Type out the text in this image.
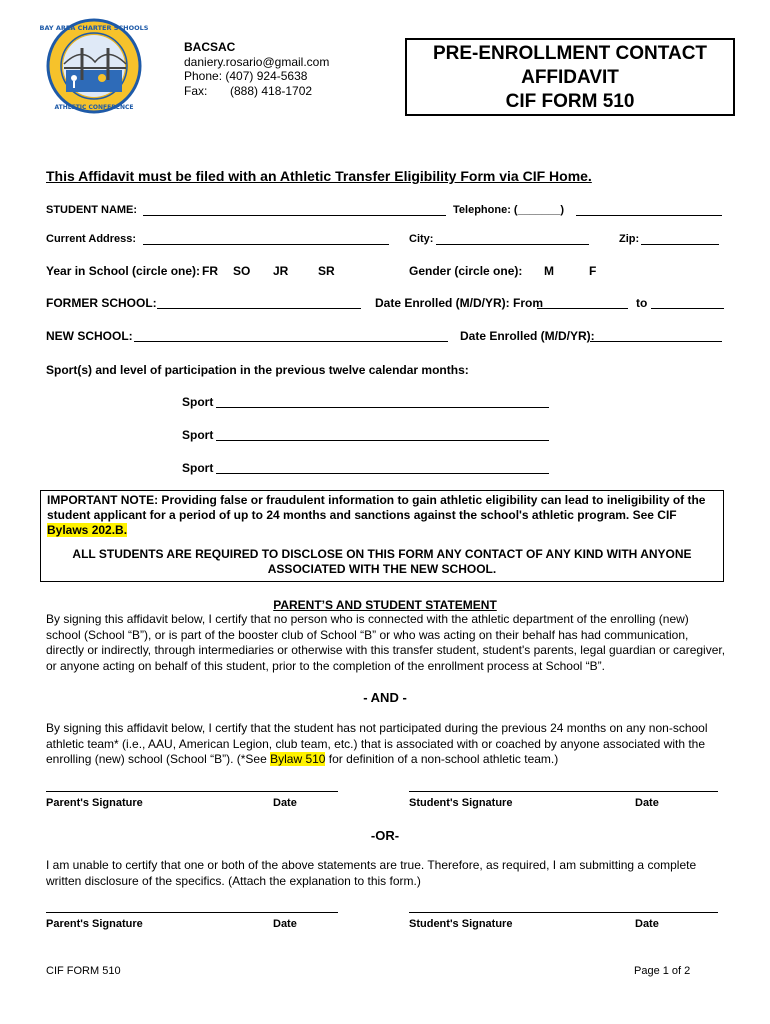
BAY AREA CHARTER SCHOOLS
ATHLETIC CONFERENCE
BACSAC
daniery.rosario@gmail.com
Phone: (407) 924-5638
Fax:	(888) 418-1702
PRE-ENROLLMENT CONTACT
AFFIDAVIT
CIF FORM 510
This Affidavit must be filed with an Athletic Transfer Eligibility Form via CIF Home.
STUDENT NAME:	Telephone: (_______)
Current Address:	City:	Zip:
Year in School (circle one): FR SO JR SR	Gender (circle one): M	F
FORMER SCHOOL:	Date Enrolled (M/D/YR): From	to
NEW SCHOOL:	Date Enrolled (M/D/YR):
Sport(s) and level of participation in the previous twelve calendar months:
Sport
Sport
Sport
IMPORTANT NOTE: Providing false or fraudulent information to gain athletic eligibility can lead to ineligibility of the student applicant for a period of up to 24 months and sanctions against the school's athletic program. See CIF Bylaws 202.B.
ALL STUDENTS ARE REQUIRED TO DISCLOSE ON THIS FORM ANY CONTACT OF ANY KIND WITH ANYONE ASSOCIATED WITH THE NEW SCHOOL.
PARENT’S AND STUDENT STATEMENT
By signing this affidavit below, I certify that no person who is connected with the athletic department of the enrolling (new) school (School “B”), or is part of the booster club of School “B” or who was acting on their behalf has had communication, directly or indirectly, through intermediaries or otherwise with this transfer student, student's parents, legal guardian or caregiver, or anyone acting on behalf of this student, prior to the completion of the enrollment process at School “B”.
- AND -
By signing this affidavit below, I certify that the student has not participated during the previous 24 months on any non-school athletic team* (i.e., AAU, American Legion, club team, etc.) that is associated with or coached by anyone associated with the enrolling (new) school (School “B”). (*See Bylaw 510 for definition of a non-school athletic team.)
Parent's Signature	Date	Student's Signature	Date
-OR-
I am unable to certify that one or both of the above statements are true. Therefore, as required, I am submitting a complete written disclosure of the specifics. (Attach the explanation to this form.)
Parent's Signature	Date	Student's Signature	Date
CIF FORM 510	Page 1 of 2
